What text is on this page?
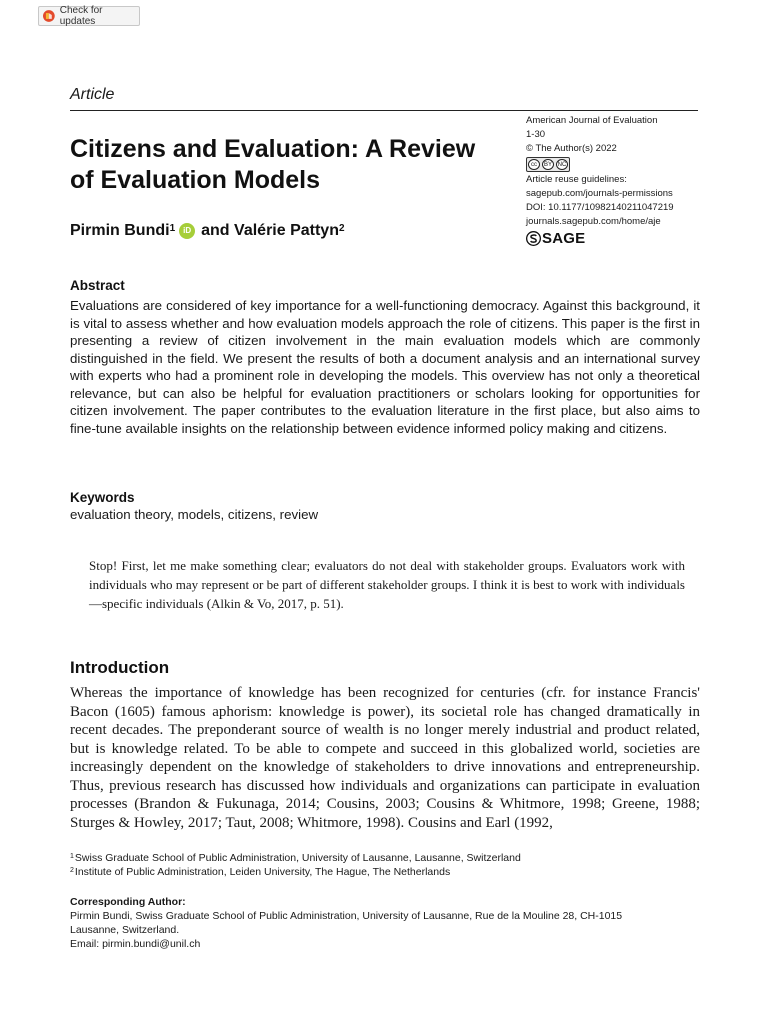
Check for updates
Article
Citizens and Evaluation: A Review of Evaluation Models
Pirmin Bundi$^1$	iD and
Valérie Pattyn$^2$
American Journal of Evaluation
1-30
© The Author(s) 2022
cc	BY NC
Article reuse guidelines:
sagepub.com/journals-permissions
DOI: 10.1177/10982140211047219
journals.sagepub.com/home/aje
SAGE
Abstract
Evaluations are considered of key importance for a well-functioning democracy. Against this background, it is vital to assess whether and how evaluation models approach the role of citizens. This paper is the first in presenting a review of citizen involvement in the main evaluation models which are commonly distinguished in the field. We present the results of both a document analysis and an international survey with experts who had a prominent role in developing the models. This overview has not only a theoretical relevance, but can also be helpful for evaluation practitioners or scholars looking for opportunities for citizen involvement. The paper contributes to the evaluation literature in the first place, but also aims to fine-tune available insights on the relationship between evidence informed policy making and citizens.
Keywords
evaluation theory, models, citizens, review
Stop! First, let me make something clear; evaluators do not deal with stakeholder groups. Evaluators work with individuals who may represent or be part of different stakeholder groups. I think it is best to work with individuals—specific individuals (Alkin & Vo, 2017, p. 51).
Introduction
Whereas the importance of knowledge has been recognized for centuries (cfr. for instance Francis' Bacon (1605) famous aphorism: knowledge is power), its societal role has changed dramatically in recent decades. The preponderant source of wealth is no longer merely industrial and product related, but is knowledge related. To be able to compete and succeed in this globalized world, societies are increasingly dependent on the knowledge of stakeholders to drive innovations and entrepreneurship. Thus, previous research has discussed how individuals and organizations can participate in evaluation processes (Brandon & Fukunaga, 2014; Cousins, 2003; Cousins & Whitmore, 1998; Greene, 1988; Sturges & Howley, 2017; Taut, 2008; Whitmore, 1998). Cousins and Earl (1992,
$^1$Swiss Graduate School of Public Administration, University of Lausanne, Lausanne, Switzerland
$^2$Institute of Public Administration, Leiden University, The Hague, The Netherlands
Corresponding Author:
Pirmin Bundi, Swiss Graduate School of Public Administration, University of Lausanne, Rue de la Mouline 28, CH-1015
Lausanne, Switzerland.
Email: pirmin.bundi@unil.ch
